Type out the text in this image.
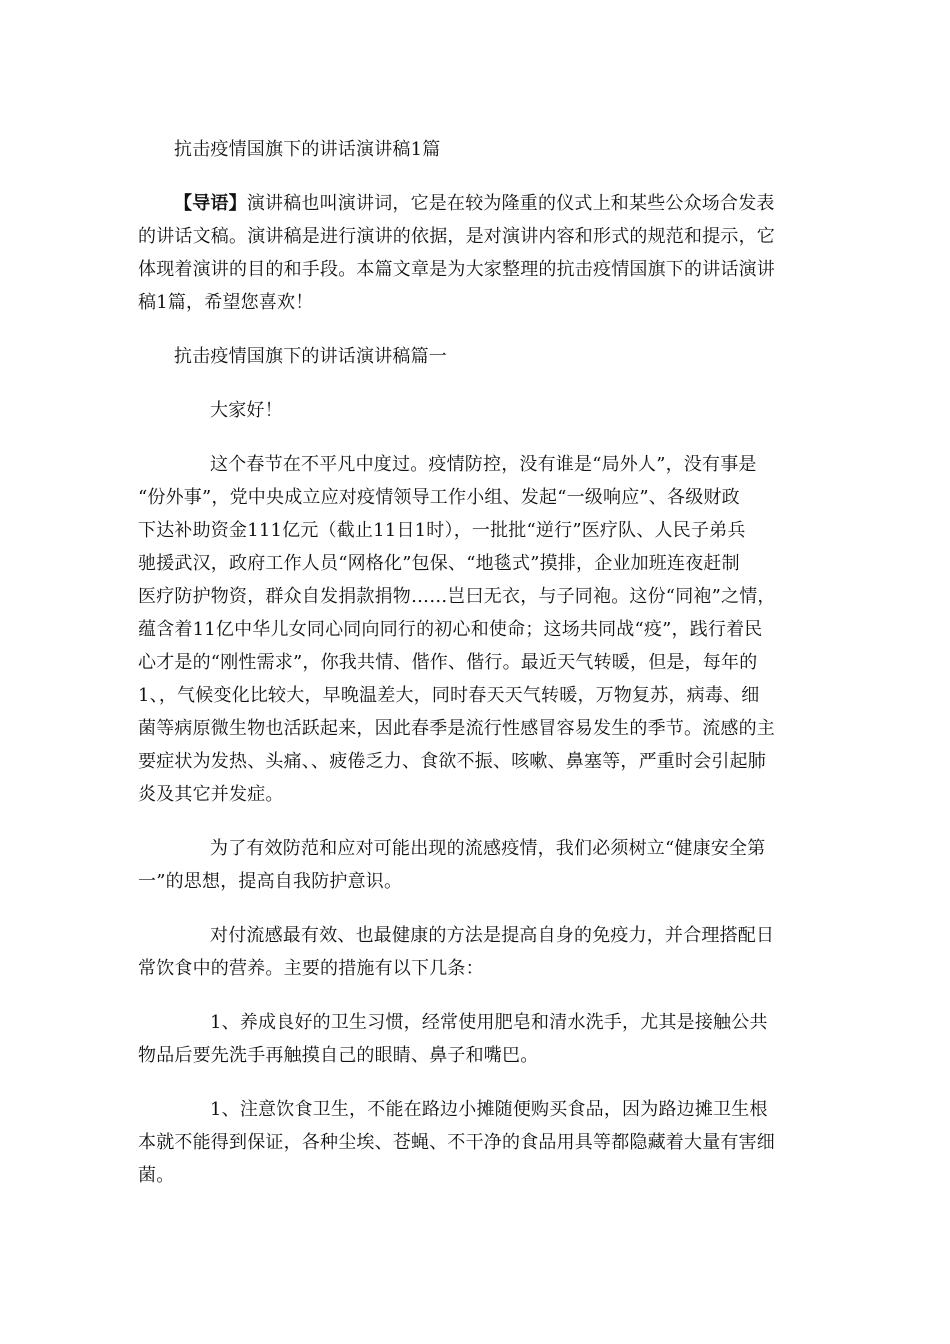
抗击疫情国旗下的讲话演讲稿1篇
【导语】演讲稿也叫演讲词，它是在较为隆重的仪式上和某些公众场合发表
的讲话文稿。演讲稿是进行演讲的依据，是对演讲内容和形式的规范和提示，它
体现着演讲的目的和手段。本篇文章是为大家整理的抗击疫情国旗下的讲话演讲
稿1篇，希望您喜欢！
抗击疫情国旗下的讲话演讲稿篇一
大家好！
这个春节在不平凡中度过。疫情防控，没有谁是“局外人”，没有事是
“份外事”，党中央成立应对疫情领导工作小组、发起“一级响应”、各级财政
下达补助资金111亿元（截止11日1时），一批批“逆行”医疗队、人民子弟兵
驰援武汉，政府工作人员“网格化”包保、“地毯式”摸排，企业加班连夜赶制
医疗防护物资，群众自发捐款捐物……岂曰无衣，与子同袍。这份“同袍”之情，
蕴含着11亿中华儿女同心同向同行的初心和使命；这场共同战“疫”，践行着民
心才是的“刚性需求”，你我共情、偕作、偕行。最近天气转暖，但是，每年的
1、，气候变化比较大，早晚温差大，同时春天天气转暖，万物复苏，病毒、细
菌等病原微生物也活跃起来，因此春季是流行性感冒容易发生的季节。流感的主
要症状为发热、头痛、、疲倦乏力、食欲不振、咳嗽、鼻塞等，严重时会引起肺
炎及其它并发症。
为了有效防范和应对可能出现的流感疫情，我们必须树立“健康安全第
一”的思想，提高自我防护意识。
对付流感最有效、也最健康的方法是提高自身的免疫力，并合理搭配日
常饮食中的营养。主要的措施有以下几条：
1、养成良好的卫生习惯，经常使用肥皂和清水洗手，尤其是接触公共
物品后要先洗手再触摸自己的眼睛、鼻子和嘴巴。
1、注意饮食卫生，不能在路边小摊随便购买食品，因为路边摊卫生根
本就不能得到保证，各种尘埃、苍蝇、不干净的食品用具等都隐藏着大量有害细
菌。
